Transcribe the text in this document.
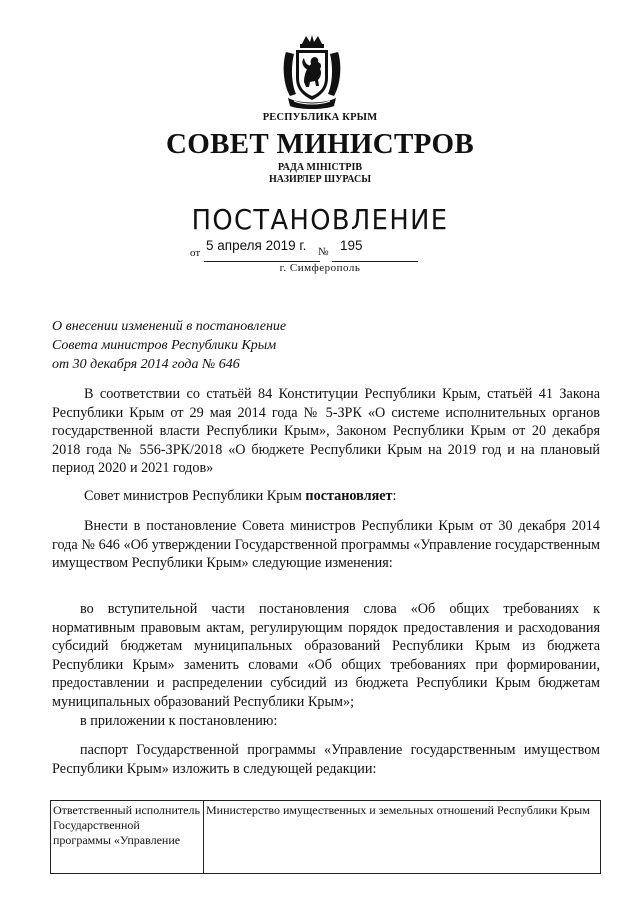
РЕСПУБЛИКА КРЫМ
СОВЕТ МИНИСТРОВ
РАДА МІНІСТРІВ
НАЗИРЛЕР ШУРАСЫ
ПОСТАНОВЛЕНИЕ
от 5 апреля 2019 г. № 195
г. Симферополь
О внесении изменений в постановление
Совета министров Республики Крым
от 30 декабря 2014 года № 646

В соответствии со статьёй 84 Конституции Республики Крым, статьёй 41 Закона Республики Крым от 29 мая 2014 года № 5-ЗРК «О системе исполнительных органов государственной власти Республики Крым», Законом Республики Крым от 20 декабря 2018 года № 556-ЗРК/2018 «О бюджете Республики Крым на 2019 год и на плановый период 2020 и 2021 годов»

Совет министров Республики Крым постановляет:

Внести в постановление Совета министров Республики Крым от 30 декабря 2014 года № 646 «Об утверждении Государственной программы «Управление государственным имуществом Республики Крым» следующие изменения:

во вступительной части постановления слова «Об общих требованиях к нормативным правовым актам, регулирующим порядок предоставления и расходования субсидий бюджетам муниципальных образований Республики Крым из бюджета Республики Крым» заменить словами «Об общих требованиях при формировании, предоставлении и распределении субсидий из бюджета Республики Крым бюджетам муниципальных образований Республики Крым»;

в приложении к постановлению:

паспорт Государственной программы «Управление государственным имуществом Республики Крым» изложить в следующей редакции:

Ответственный исполнитель Государственной программы «Управление	Министерство имущественных и земельных отношений Республики Крым
